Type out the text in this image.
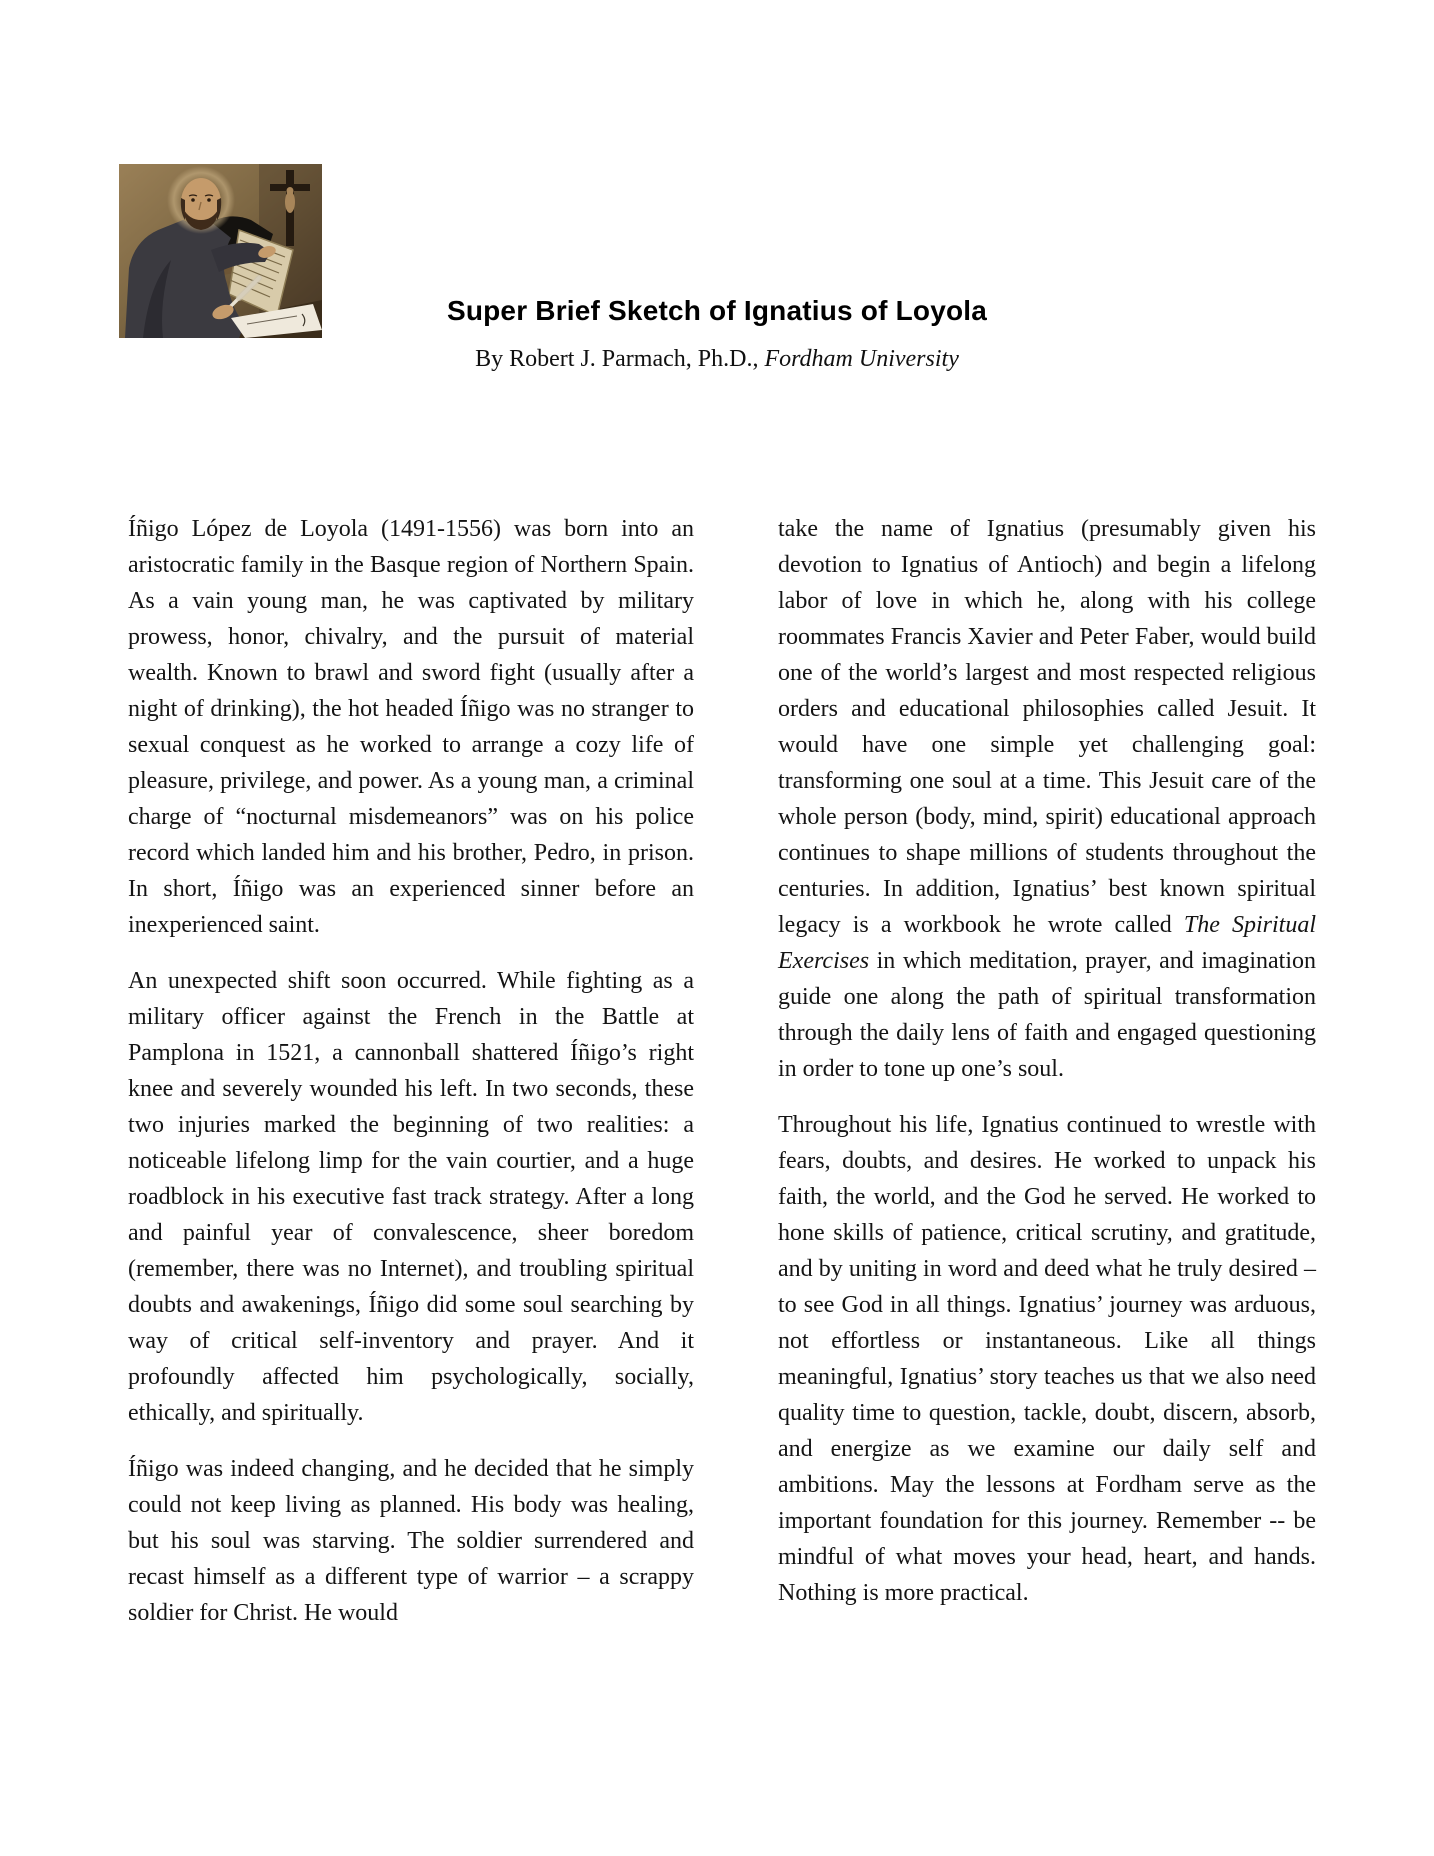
Super Brief Sketch of Ignatius of Loyola

By Robert J. Parmach, Ph.D., Fordham University

Íñigo López de Loyola (1491-1556) was born into an aristocratic family in the Basque region of Northern Spain. As a vain young man, he was captivated by military prowess, honor, chivalry, and the pursuit of material wealth. Known to brawl and sword fight (usually after a night of drinking), the hot headed Íñigo was no stranger to sexual conquest as he worked to arrange a cozy life of pleasure, privilege, and power. As a young man, a criminal charge of “nocturnal misdemeanors” was on his police record which landed him and his brother, Pedro, in prison. In short, Íñigo was an experienced sinner before an inexperienced saint.

An unexpected shift soon occurred. While fighting as a military officer against the French in the Battle at Pamplona in 1521, a cannonball shattered Íñigo’s right knee and severely wounded his left. In two seconds, these two injuries marked the beginning of two realities: a noticeable lifelong limp for the vain courtier, and a huge roadblock in his executive fast track strategy. After a long and painful year of convalescence, sheer boredom (remember, there was no Internet), and troubling spiritual doubts and awakenings, Íñigo did some soul searching by way of critical self-inventory and prayer. And it profoundly affected him psychologically, socially, ethically, and spiritually.

Íñigo was indeed changing, and he decided that he simply could not keep living as planned. His body was healing, but his soul was starving. The soldier surrendered and recast himself as a different type of warrior – a scrappy soldier for Christ. He would

take the name of Ignatius (presumably given his devotion to Ignatius of Antioch) and begin a lifelong labor of love in which he, along with his college roommates Francis Xavier and Peter Faber, would build one of the world’s largest and most respected religious orders and educational philosophies called Jesuit. It would have one simple yet challenging goal: transforming one soul at a time. This Jesuit care of the whole person (body, mind, spirit) educational approach continues to shape millions of students throughout the centuries. In addition, Ignatius’ best known spiritual legacy is a workbook he wrote called The Spiritual Exercises in which meditation, prayer, and imagination guide one along the path of spiritual transformation through the daily lens of faith and engaged questioning in order to tone up one’s soul.

Throughout his life, Ignatius continued to wrestle with fears, doubts, and desires. He worked to unpack his faith, the world, and the God he served. He worked to hone skills of patience, critical scrutiny, and gratitude, and by uniting in word and deed what he truly desired – to see God in all things. Ignatius’ journey was arduous, not effortless or instantaneous. Like all things meaningful, Ignatius’ story teaches us that we also need quality time to question, tackle, doubt, discern, absorb, and energize as we examine our daily self and ambitions. May the lessons at Fordham serve as the important foundation for this journey. Remember -- be mindful of what moves your head, heart, and hands. Nothing is more practical.
